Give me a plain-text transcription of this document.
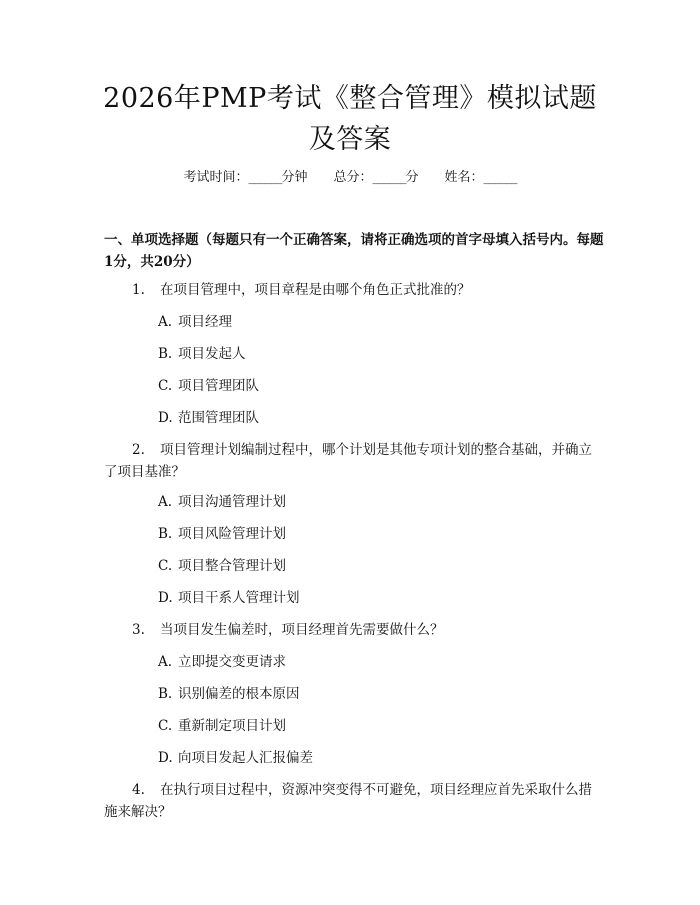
2026年PMP考试《整合管理》模拟试题及答案
考试时间：______分钟 总分：______分 姓名：______

一、单项选择题（每题只有一个正确答案，请将正确选项的首字母填入括号内。每题1分，共20分）

1. 在项目管理中，项目章程是由哪个角色正式批准的？

A. 项目经理
B. 项目发起人
C. 项目管理团队
D. 范围管理团队

2. 项目管理计划编制过程中，哪个计划是其他专项计划的整合基础，并确立了项目基准？

A. 项目沟通管理计划
B. 项目风险管理计划
C. 项目整合管理计划
D. 项目干系人管理计划

3. 当项目发生偏差时，项目经理首先需要做什么？

A. 立即提交变更请求
B. 识别偏差的根本原因
C. 重新制定项目计划
D. 向项目发起人汇报偏差

4. 在执行项目过程中，资源冲突变得不可避免，项目经理应首先采取什么措施来解决？
